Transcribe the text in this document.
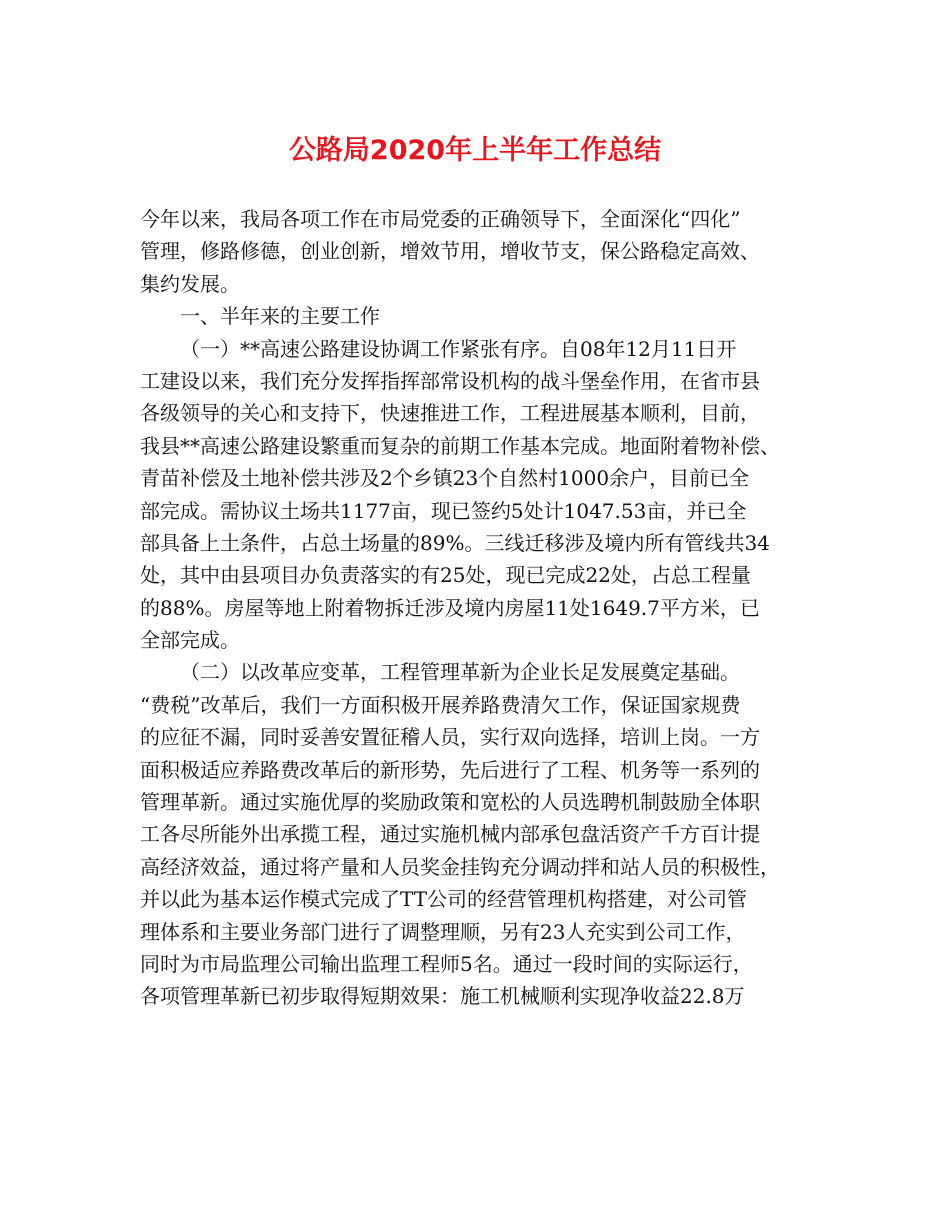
公路局2020年上半年工作总结
今年以来，我局各项工作在市局党委的正确领导下，全面深化“四化”
管理，修路修德，创业创新，增效节用，增收节支，保公路稳定高效、
集约发展。
一、半年来的主要工作
（一）**高速公路建设协调工作紧张有序。自08年12月11日开
工建设以来，我们充分发挥指挥部常设机构的战斗堡垒作用，在省市县
各级领导的关心和支持下，快速推进工作，工程进展基本顺利，目前，
我县**高速公路建设繁重而复杂的前期工作基本完成。地面附着物补偿、
青苗补偿及土地补偿共涉及2个乡镇23个自然村1000余户，目前已全
部完成。需协议土场共1177亩，现已签约5处计1047.53亩，并已全
部具备上土条件，占总土场量的89%。三线迁移涉及境内所有管线共34
处，其中由县项目办负责落实的有25处，现已完成22处，占总工程量
的88%。房屋等地上附着物拆迁涉及境内房屋11处1649.7平方米，已
全部完成。
（二）以改革应变革，工程管理革新为企业长足发展奠定基础。
“费税”改革后，我们一方面积极开展养路费清欠工作，保证国家规费
的应征不漏，同时妥善安置征稽人员，实行双向选择，培训上岗。一方
面积极适应养路费改革后的新形势，先后进行了工程、机务等一系列的
管理革新。通过实施优厚的奖励政策和宽松的人员选聘机制鼓励全体职
工各尽所能外出承揽工程，通过实施机械内部承包盘活资产千方百计提
高经济效益，通过将产量和人员奖金挂钩充分调动拌和站人员的积极性，
并以此为基本运作模式完成了TT公司的经营管理机构搭建，对公司管
理体系和主要业务部门进行了调整理顺，另有23人充实到公司工作，
同时为市局监理公司输出监理工程师5名。通过一段时间的实际运行，
各项管理革新已初步取得短期效果：施工机械顺利实现净收益22.8万
